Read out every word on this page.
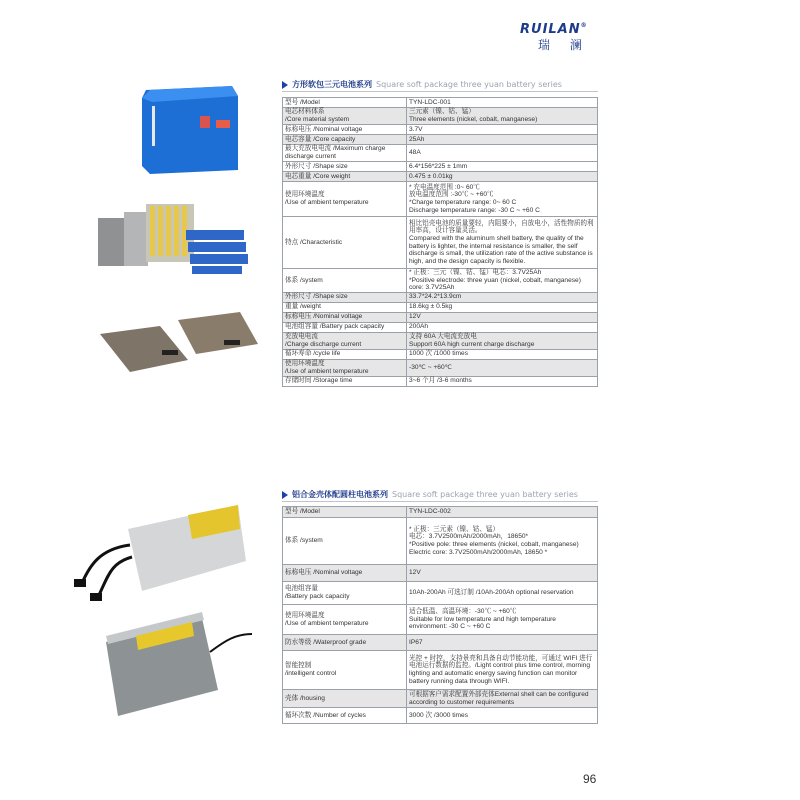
RUILAN®
瑞 澜
方形软包三元电池系列 Square soft package three yuan battery series
型号 /Model	TYN-LDC-001
电芯材料体系
/Core material system	三元素（镍、钴、锰）
Three elements (nickel, cobalt, manganese)
标称电压 /Nominal voltage	3.7V
电芯容量 /Core capacity	25Ah
最大充放电电流 /Maximum charge
discharge current	48A
外形尺寸 /Shape size	6.4*156*225 ± 1mm
电芯重量 /Core weight	0.475 ± 0.01kg
使用环境温度
/Use of ambient temperature	* 充电温度范围 :0~ 60℃
放电温度范围 :-30℃ ~ +60℃
*Charge temperature range: 0~ 60 C
Discharge temperature range: -30 C ~ +60 C
特点 /Characteristic	相比铝壳电池的质量要轻，内阻要小，自放电小，活性物质的利用率高，设计容量灵活。
Compared with the aluminum shell battery, the quality of the battery is lighter, the internal resistance is smaller, the self discharge is small, the utilization rate of the active substance is high, and the design capacity is flexible.
体系 /system	* 正极：三元（镍、钴、锰）电芯：3.7V25Ah
*Positive electrode: three yuan (nickel, cobalt, manganese) core: 3.7V25Ah
外形尺寸 /Shape size	33.7*24.2*13.9cm
重量 /weight	18.6kg ± 0.5kg
标称电压 /Nominal voltage	12V
电池组容量 /Battery pack capacity	200Ah
充放电电流
/Charge discharge current	支持 60A 大电流充放电
Support 60A high current charge discharge
循环寿命 /cycle life	1000 次 /1000 times
使用环境温度
/Use of ambient temperature	-30℃ ~ +60℃
存储时间 /Storage time	3~6 个月 /3-6 months
铝合金壳体配圆柱电池系列 Square soft package three yuan battery series
型号 /Model	TYN-LDC-002
体系 /system	* 正极：三元素（镍、钴、锰）
电芯：3.7V2500mAh/2000mAh，18650*
*Positive pole: three elements (nickel, cobalt, manganese)
Electric core: 3.7V2500mAh/2000mAh, 18650 *
标称电压 /Nominal voltage	12V
电池组容量
/Battery pack capacity	10Ah-200Ah 可选订制 /10Ah-200Ah optional reservation
使用环境温度
/Use of ambient temperature	适合低温、高温环境：-30℃ ~ +60℃
Suitable for low temperature and high temperature environment: -30 C ~ +60 C
防水等级 /Waterproof grade	IP67
智能控制
/intelligent control	光控 + 时控，支持景亮和具备自动节能功能，可通过 WIFI 进行电池运行数据的监控。/Light control plus time control, morning lighting and automatic energy saving function can monitor battery running data through WIFI.
壳体 /housing	可根据客户需求配置外部壳体External shell can be configured according to customer requirements
循环次数 /Number of cycles	3000 次 /3000 times
96
